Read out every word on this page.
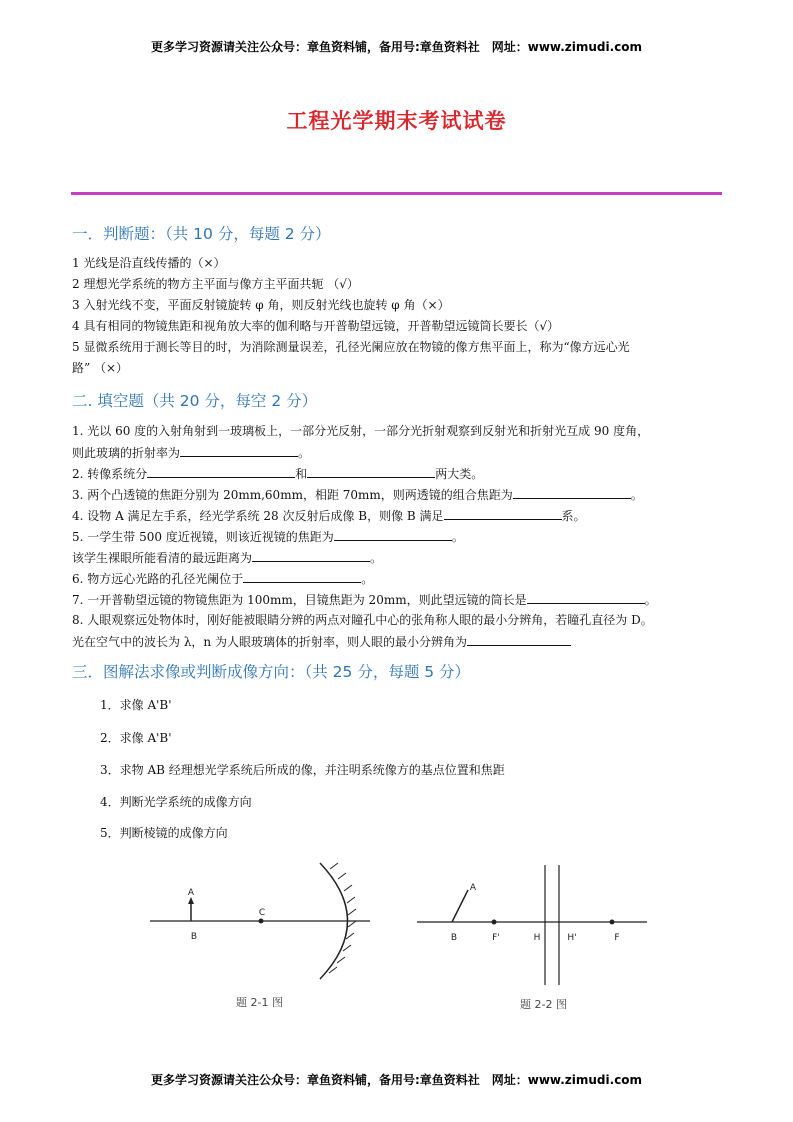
更多学习资源请关注公众号：章鱼资料铺，备用号:章鱼资料社　网址：www.zimudi.com
工程光学期末考试试卷
一．判断题：（共 10 分，每题 2 分）
1 光线是沿直线传播的（×）
2 理想光学系统的物方主平面与像方主平面共轭 （√）
3 入射光线不变，平面反射镜旋转 φ 角，则反射光线也旋转 φ 角（×）
4 具有相同的物镜焦距和视角放大率的伽利略与开普勒望远镜，开普勒望远镜筒长要长（√）
5 显微系统用于测长等目的时，为消除测量误差，孔径光阑应放在物镜的像方焦平面上，称为“像方远心光
路” （×）
二. 填空题（共 20 分，每空 2 分）
1. 光以 60 度的入射角射到一玻璃板上，一部分光反射，一部分光折射观察到反射光和折射光互成 90 度角，
则此玻璃的折射率为	。
2. 转像系统分	和	两大类。
3. 两个凸透镜的焦距分别为 20mm,60mm，相距 70mm，则两透镜的组合焦距为	。
4. 设物 A 满足左手系，经光学系统 28 次反射后成像 B，则像 B 满足	系。
5. 一学生带 500 度近视镜，则该近视镜的焦距为	。
该学生裸眼所能看清的最远距离为	。
6. 物方远心光路的孔径光阑位于	。
7. 一开普勒望远镜的物镜焦距为 100mm，目镜焦距为 20mm，则此望远镜的筒长是	。
8. 人眼观察远处物体时，刚好能被眼睛分辨的两点对瞳孔中心的张角称人眼的最小分辨角，若瞳孔直径为 D。
光在空气中的波长为 λ，n 为人眼玻璃体的折射率，则人眼的最小分辨角为
三．图解法求像或判断成像方向：（共 25 分，每题 5 分）
1．求像 A'B'
2．求像 A'B'
3．求物 AB 经理想光学系统后所成的像，并注明系统像方的基点位置和焦距
4．判断光学系统的成像方向
5．判断棱镜的成像方向
A
B
C
题 2-1 图
A
B	F'	H	H'	F
题 2-2 图
更多学习资源请关注公众号：章鱼资料铺，备用号:章鱼资料社　网址：www.zimudi.com
